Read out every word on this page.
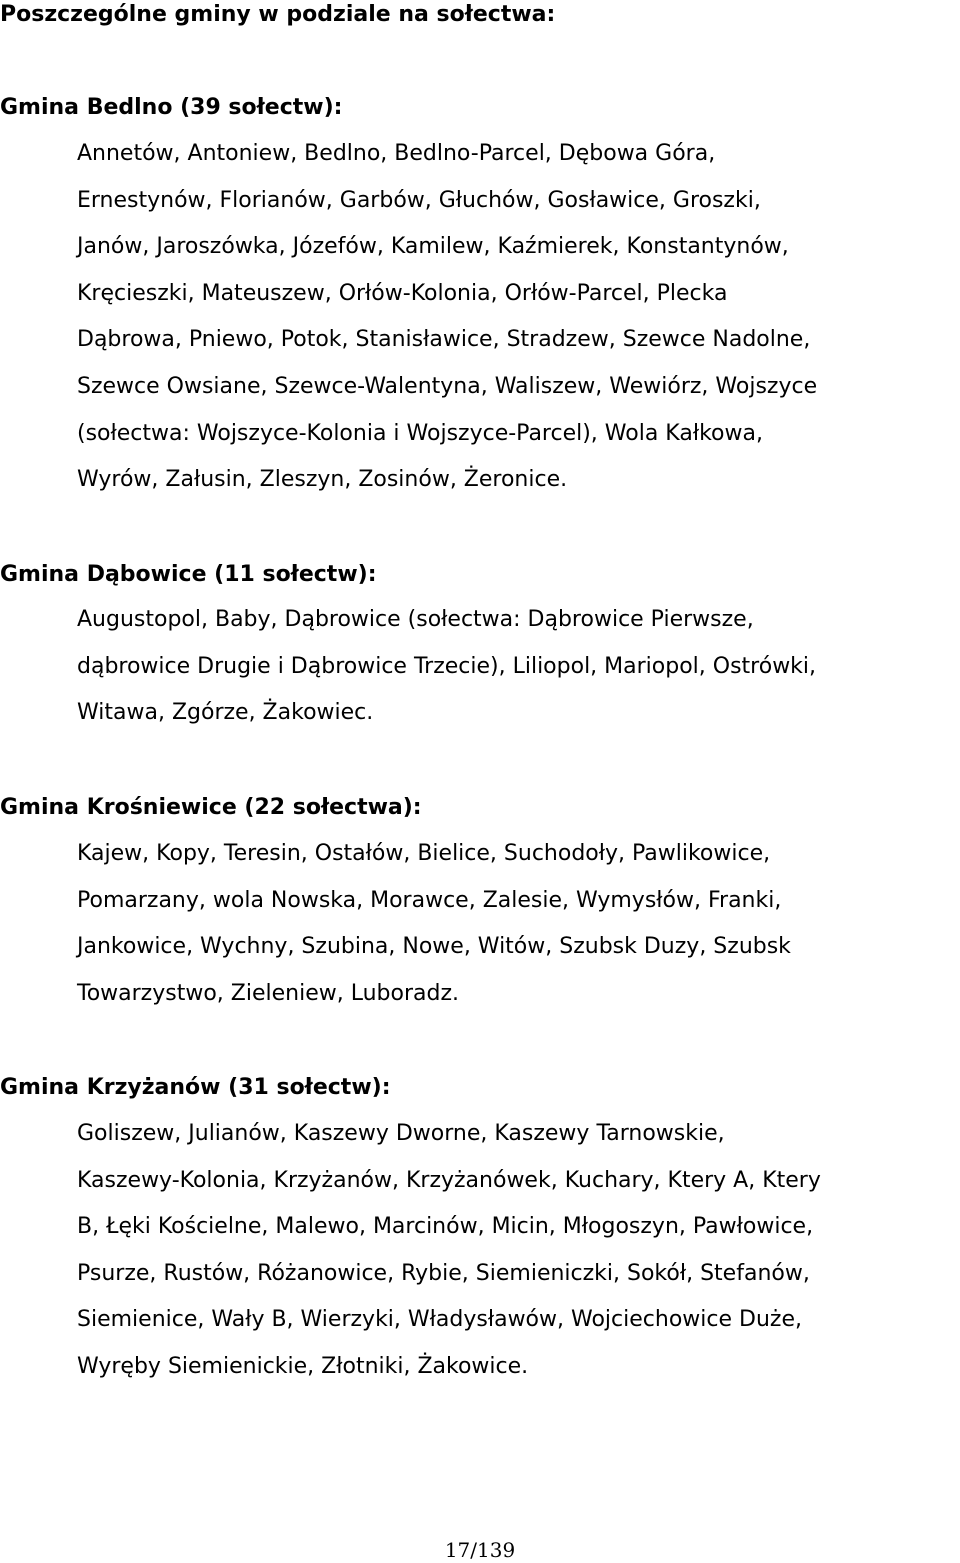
Poszczególne gminy w podziale na sołectwa:
Gmina Bedlno (39 sołectw):
Annetów, Antoniew, Bedlno, Bedlno-Parcel, Dębowa Góra,
Ernestynów, Florianów, Garbów, Głuchów, Gosławice, Groszki,
Janów, Jaroszówka, Józefów, Kamilew, Kaźmierek, Konstantynów,
Kręcieszki, Mateuszew, Orłów-Kolonia, Orłów-Parcel, Plecka
Dąbrowa, Pniewo, Potok, Stanisławice, Stradzew, Szewce Nadolne,
Szewce Owsiane, Szewce-Walentyna, Waliszew, Wewiórz, Wojszyce
(sołectwa: Wojszyce-Kolonia i Wojszyce-Parcel), Wola Kałkowa,
Wyrów, Załusin, Zleszyn, Zosinów, Żeronice.
Gmina Dąbowice (11 sołectw):
Augustopol, Baby, Dąbrowice (sołectwa: Dąbrowice Pierwsze,
dąbrowice Drugie i Dąbrowice Trzecie), Liliopol, Mariopol, Ostrówki,
Witawa, Zgórze, Żakowiec.
Gmina Krośniewice (22 sołectwa):
Kajew, Kopy, Teresin, Ostałów, Bielice, Suchodoły, Pawlikowice,
Pomarzany, wola Nowska, Morawce, Zalesie, Wymysłów, Franki,
Jankowice, Wychny, Szubina, Nowe, Witów, Szubsk Duzy, Szubsk
Towarzystwo, Zieleniew, Luboradz.
Gmina Krzyżanów (31 sołectw):
Goliszew, Julianów, Kaszewy Dworne, Kaszewy Tarnowskie,
Kaszewy-Kolonia, Krzyżanów, Krzyżanówek, Kuchary, Ktery A, Ktery
B, Łęki Kościelne, Malewo, Marcinów, Micin, Młogoszyn, Pawłowice,
Psurze, Rustów, Różanowice, Rybie, Siemieniczki, Sokół, Stefanów,
Siemienice, Wały B, Wierzyki, Władysławów, Wojciechowice Duże,
Wyręby Siemienickie, Złotniki, Żakowice.
17/139
